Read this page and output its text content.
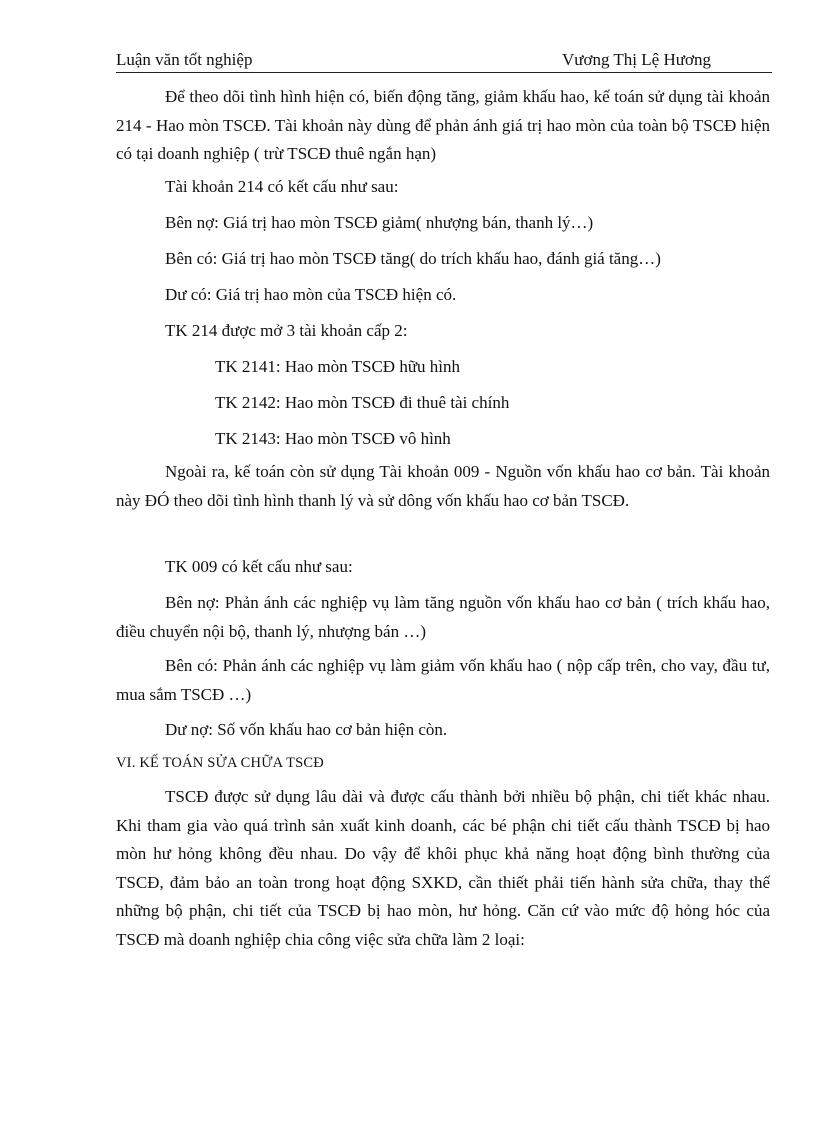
Luận văn tốt nghiệp	Vương Thị Lệ Hương

Để theo dõi tình hình hiện có, biến động tăng, giảm khấu hao, kế toán sử dụng tài khoản 214 - Hao mòn TSCĐ. Tài khoản này dùng để phản ánh giá trị hao mòn của toàn bộ TSCĐ hiện có tại doanh nghiệp ( trừ TSCĐ thuê ngắn hạn)

Tài khoản 214 có kết cấu như sau:
Bên nợ: Giá trị hao mòn TSCĐ giảm( nhượng bán, thanh lý…)
Bên có: Giá trị hao mòn TSCĐ tăng( do trích khấu hao, đánh giá tăng…)
Dư có: Giá trị hao mòn của TSCĐ hiện có.
TK 214 được mở 3 tài khoản cấp 2:
TK 2141: Hao mòn TSCĐ hữu hình
TK 2142: Hao mòn TSCĐ đi thuê tài chính
TK 2143: Hao mòn TSCĐ vô hình

Ngoài ra, kế toán còn sử dụng Tài khoản 009 - Nguồn vốn khấu hao cơ bản. Tài khoản này ĐÓ theo dõi tình hình thanh lý và sử dông vốn khấu hao cơ bản TSCĐ.

TK 009 có kết cấu như sau:

Bên nợ: Phản ánh các nghiệp vụ làm tăng nguồn vốn khấu hao cơ bản ( trích khấu hao, điều chuyển nội bộ, thanh lý, nhượng bán …)

Bên có: Phản ánh các nghiệp vụ làm giảm vốn khấu hao ( nộp cấp trên, cho vay, đầu tư, mua sắm TSCĐ …)

Dư nợ: Số vốn khấu hao cơ bản hiện còn.
VI. KẾ TOÁN SỬA CHỮA TSCĐ

TSCĐ được sử dụng lâu dài và được cấu thành bởi nhiều bộ phận, chi tiết khác nhau. Khi tham gia vào quá trình sản xuất kinh doanh, các bé phận chi tiết cấu thành TSCĐ bị hao mòn hư hỏng không đều nhau. Do vậy để khôi phục khả năng hoạt động bình thường của TSCĐ, đảm bảo an toàn trong hoạt động SXKD, cần thiết phải tiến hành sửa chữa, thay thế những bộ phận, chi tiết của TSCĐ bị hao mòn, hư hỏng. Căn cứ vào mức độ hỏng hóc của TSCĐ mà doanh nghiệp chia công việc sửa chữa làm 2 loại:
